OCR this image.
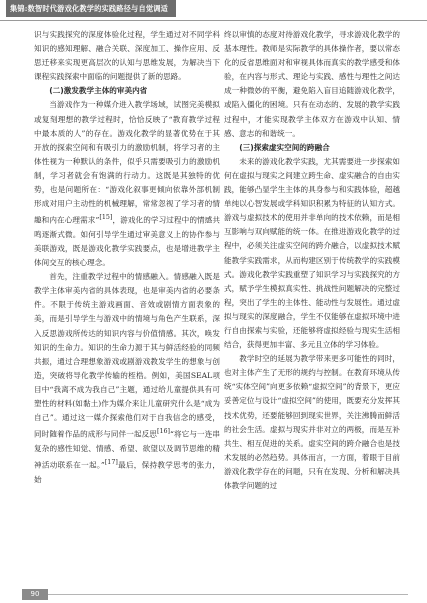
集锦:数智时代游戏化教学的实践路径与自觉调适

识与实践探究的深度体验化过程，学生通过对不同学科知识的感知理解、融合关联、深度加工、操作应用、反思迁移来实现更高层次的认知与思维发展，为解决当下课程实践探索中面临的问题提供了新的思路。

(二)激发教学主体的审美内省

当游戏作为一种媒介进入教学场域，试图完美模拟或复刻理想的教学过程时，恰恰反映了“教育教学过程中最本质的人”的存在。游戏化教学的显著优势在于其开放的探索空间和有吸引力的激励机制，将学习者的主体性视为一种默认的条件，似乎只需要吸引力的激励机制，学习者就会有饱满的行动力。这既是其独特的优势，也是问题所在：“游戏化叙事更倾向依靠外部机制形成对用户主动性的机械理解，常常忽视了学习者的情趣和内在心理需求”[15]，游戏化的学习过程中的情感共鸣逐渐式微。如何引导学生通过审美意义上的协作参与美联游戏，既是游戏化教学实践要点，也是增进教学主体间交互的核心理念。

首先，注重教学过程中的情感融入。情感融入既是教学主体审美内省的具体表现，也是审美内省的必要条件。不限于传统主游戏画面、音效或剧情方面表象的美，而是引导学生与游戏中的情境与角色产生联系，深入反思游戏所传达的知识内容与价值情感。其次，唤发知识的生命力。知识的生命力源于其与鲜活经验的同频共振，通过合理想象游戏或剧游戏教发学生的想象与创造，突破将导化教学传输的桎梏。例如，美国SEAL项目中“我离不成为我自己”主题，通过给儿童提供具有可塑性的材料(如黏土)作为媒介来让儿童研究什么是“成为自己”。通过这一媒介探索他们对于自我信念的感受，同时随着作品的成形与同伴一起反思[16]“将它与一连串复杂的感性知觉、情感、希望、欲望以及调节思维的精神活动联系在一起。”[17]最后，保持教学思考的张力，始

终以审慎的态度对待游戏化教学，寻求游戏化教学的基本理性。教师是实际教学的具体操作者，要以常态化的反省思维面对和审视具体而真实的教学感受和体验，在内容与形式、理论与实践、感性与理性之间达成一种微妙的平衡，避免陷入盲目追随游戏化教学，或陷入僵化的困境。只有在动态的、发展的教学实践过程中，才能实现教学主体双方在游戏中认知、情感、意志的和谐统一。

(三)探索虚实空间的跨融合

未来的游戏化教学实践，尤其需要进一步探索如何在虚拟与现实之间建立跨生命、虚实融合的自由实践，能够凸显学生主体的具身参与和实践体验，超越单纯以心智发展或学科知识积累为特征的认知方式。游戏与虚拟技术的使用并非单向的技术依赖，而是相互影响与双向赋能的统一体。在推进游戏化教学的过程中，必须关注虚实空间的跨介融合，以虚拟技术赋能教学实践需求，从而构建区别于传统教学的实践模式。游戏化教学实践重塑了知识学习与实践探究的方式，赋予学生模拟真实性、挑战性问题解决的完整过程，突出了学生的主体性、能动性与发展性。通过虚拟与现实的深度融合，学生不仅能够在虚拟环境中进行自由探索与实验，还能够将虚拟经验与现实生活相结合，获得更加丰富、多元且立体的学习体验。

教学时空的延展为教学带来更多可能性的同时，也对主体产生了无形的规约与控制。在教育环境从传统“实体空间”向更多依赖“虚拟空间”的背景下，更应妥善定位与设计“虚拟空间”的使用，既要充分发挥其技术优势，还要能够回到现实世界，关注沸腾而鲜活的社会生活。虚拟与现实并非对立的两极，而是互补共生、相互促进的关系。虚实空间的跨介融合也是技术发展的必然趋势。具体而言，一方面，着眼于目前游戏化教学存在的问题，只有在发现、分析和解决具体教学问题的过

90
